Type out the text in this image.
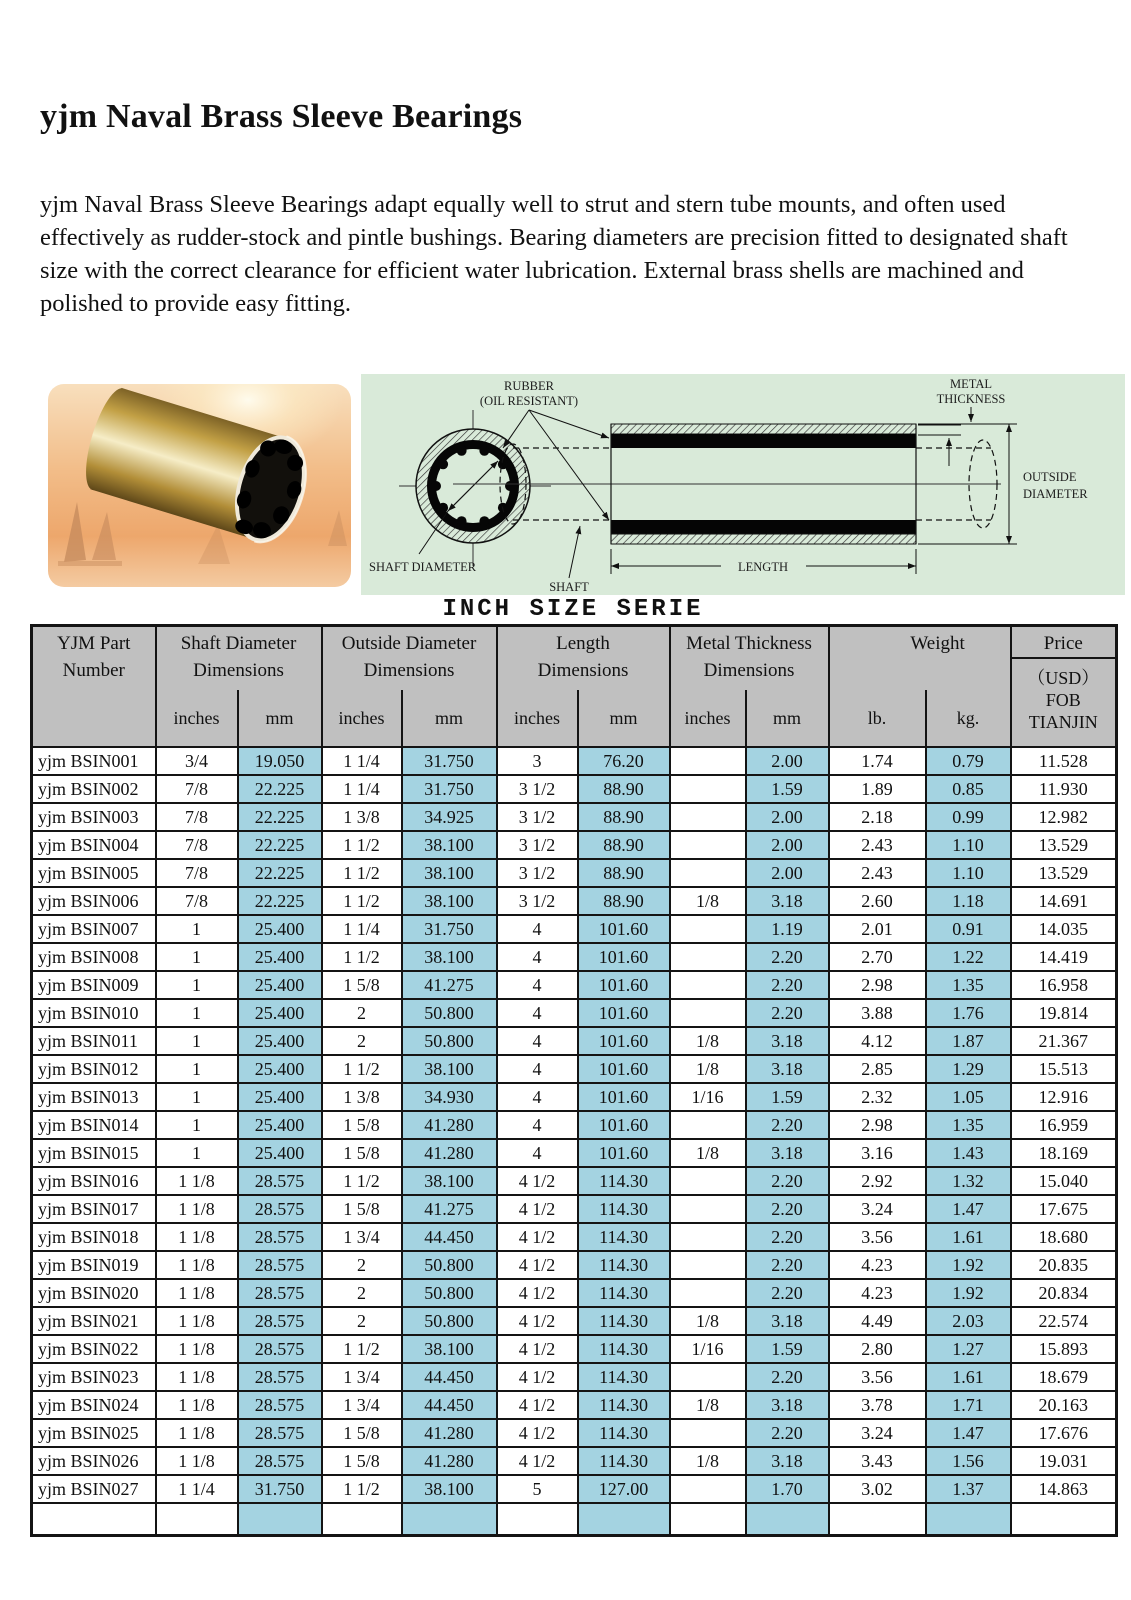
yjm Naval Brass Sleeve Bearings

yjm Naval Brass Sleeve Bearings adapt equally well to strut and stern tube mounts, and often used effectively as rudder-stock and pintle bushings. Bearing diameters are precision fitted to designated shaft size with the correct clearance for efficient water lubrication. External brass shells are machined and polished to provide easy fitting.

RUBBER
(OIL RESISTANT)
METAL
THICKNESS
OUTSIDE
DIAMETER
LENGTH
SHAFT DIAMETER
SHAFT
INCH SIZE SERIE
YJM Part
Number

Shaft Diameter
Dimensions

Outside Diameter
Dimensions

Length
Dimensions

Metal Thickness
Dimensions

Weight	Price
（USD）
FOB
TIANJIN

	inches	mm	inches	mm	inches	mm	inches	mm	lb.	kg.	
yjm BSIN001	3/4	19.050	1 1/4	31.750	3	76.20		2.00	1.74	0.79	11.528
yjm BSIN002	7/8	22.225	1 1/4	31.750	3 1/2	88.90		1.59	1.89	0.85	11.930
yjm BSIN003	7/8	22.225	1 3/8	34.925	3 1/2	88.90		2.00	2.18	0.99	12.982
yjm BSIN004	7/8	22.225	1 1/2	38.100	3 1/2	88.90		2.00	2.43	1.10	13.529
yjm BSIN005	7/8	22.225	1 1/2	38.100	3 1/2	88.90		2.00	2.43	1.10	13.529
yjm BSIN006	7/8	22.225	1 1/2	38.100	3 1/2	88.90	1/8	3.18	2.60	1.18	14.691
yjm BSIN007	1	25.400	1 1/4	31.750	4	101.60		1.19	2.01	0.91	14.035
yjm BSIN008	1	25.400	1 1/2	38.100	4	101.60		2.20	2.70	1.22	14.419
yjm BSIN009	1	25.400	1 5/8	41.275	4	101.60		2.20	2.98	1.35	16.958
yjm BSIN010	1	25.400	2	50.800	4	101.60		2.20	3.88	1.76	19.814
yjm BSIN011	1	25.400	2	50.800	4	101.60	1/8	3.18	4.12	1.87	21.367
yjm BSIN012	1	25.400	1 1/2	38.100	4	101.60	1/8	3.18	2.85	1.29	15.513
yjm BSIN013	1	25.400	1 3/8	34.930	4	101.60	1/16	1.59	2.32	1.05	12.916
yjm BSIN014	1	25.400	1 5/8	41.280	4	101.60		2.20	2.98	1.35	16.959
yjm BSIN015	1	25.400	1 5/8	41.280	4	101.60	1/8	3.18	3.16	1.43	18.169
yjm BSIN016	1 1/8	28.575	1 1/2	38.100	4 1/2	114.30		2.20	2.92	1.32	15.040
yjm BSIN017	1 1/8	28.575	1 5/8	41.275	4 1/2	114.30		2.20	3.24	1.47	17.675
yjm BSIN018	1 1/8	28.575	1 3/4	44.450	4 1/2	114.30		2.20	3.56	1.61	18.680
yjm BSIN019	1 1/8	28.575	2	50.800	4 1/2	114.30		2.20	4.23	1.92	20.835
yjm BSIN020	1 1/8	28.575	2	50.800	4 1/2	114.30		2.20	4.23	1.92	20.834
yjm BSIN021	1 1/8	28.575	2	50.800	4 1/2	114.30	1/8	3.18	4.49	2.03	22.574
yjm BSIN022	1 1/8	28.575	1 1/2	38.100	4 1/2	114.30	1/16	1.59	2.80	1.27	15.893
yjm BSIN023	1 1/8	28.575	1 3/4	44.450	4 1/2	114.30		2.20	3.56	1.61	18.679
yjm BSIN024	1 1/8	28.575	1 3/4	44.450	4 1/2	114.30	1/8	3.18	3.78	1.71	20.163
yjm BSIN025	1 1/8	28.575	1 5/8	41.280	4 1/2	114.30		2.20	3.24	1.47	17.676
yjm BSIN026	1 1/8	28.575	1 5/8	41.280	4 1/2	114.30	1/8	3.18	3.43	1.56	19.031
yjm BSIN027	1 1/4	31.750	1 1/2	38.100	5	127.00		1.70	3.02	1.37	14.863
